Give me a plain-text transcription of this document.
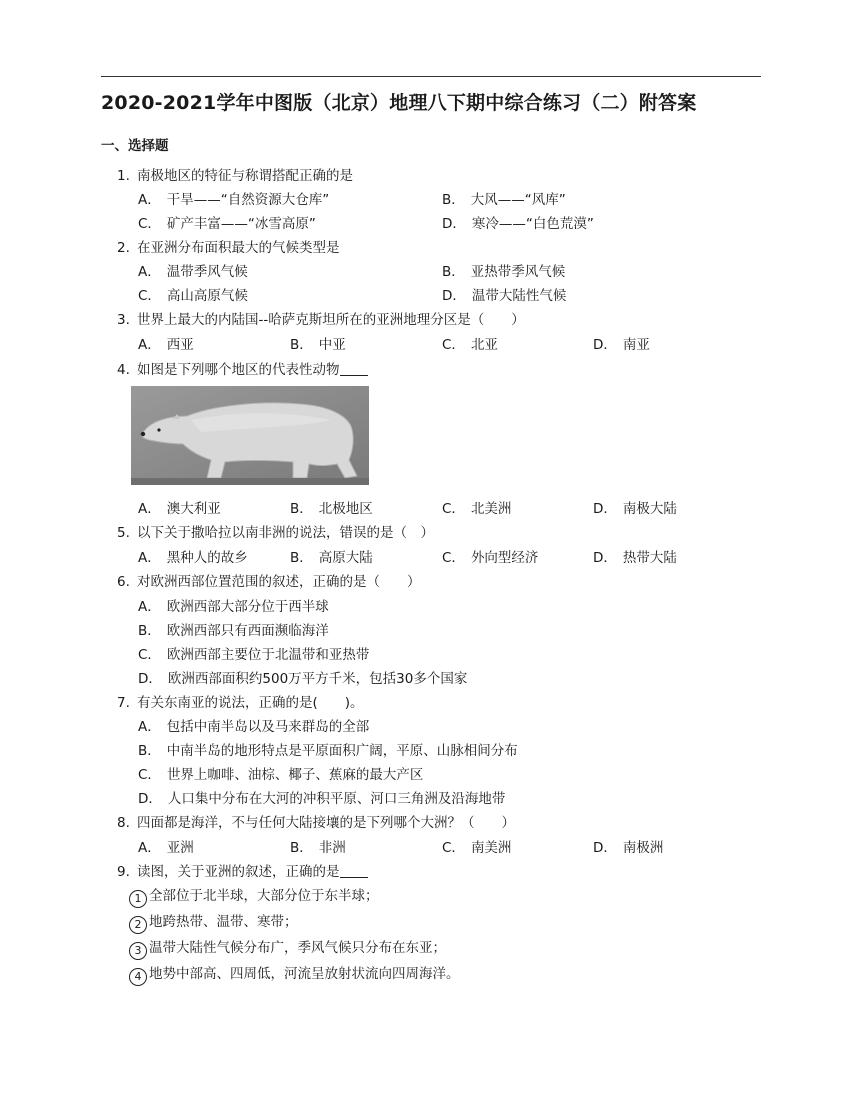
2020-2021学年中图版（北京）地理八下期中综合练习（二）附答案
一、选择题
1. 南极地区的特征与称谓搭配正确的是
A． 干旱——“自然资源大仓库”	B． 大风——“风库”
C． 矿产丰富——“冰雪高原”	D． 寒冷——“白色荒漠”
2. 在亚洲分布面积最大的气候类型是
A． 温带季风气候	B． 亚热带季风气候
C． 高山高原气候	D． 温带大陆性气候
3. 世界上最大的内陆国--哈萨克斯坦所在的亚洲地理分区是（　　）
A． 西亚	B． 中亚	C． 北亚	D． 南亚
4. 如图是下列哪个地区的代表性动物
A． 澳大利亚	B． 北极地区	C． 北美洲	D． 南极大陆
5. 以下关于撒哈拉以南非洲的说法，错误的是（　）
A． 黑种人的故乡	B． 高原大陆	C． 外向型经济	D． 热带大陆
6. 对欧洲西部位置范围的叙述，正确的是（　　）
A． 欧洲西部大部分位于西半球
B． 欧洲西部只有西面濒临海洋
C． 欧洲西部主要位于北温带和亚热带
D． 欧洲西部面积约500万平方千米，包括30多个国家
7. 有关东南亚的说法，正确的是(　　)。
A． 包括中南半岛以及马来群岛的全部
B． 中南半岛的地形特点是平原面积广阔，平原、山脉相间分布
C． 世界上咖啡、油棕、椰子、蕉麻的最大产区
D． 人口集中分布在大河的冲积平原、河口三角洲及沿海地带
8. 四面都是海洋，不与任何大陆接壤的是下列哪个大洲？（　　）
A． 亚洲	B． 非洲	C． 南美洲	D． 南极洲
9. 读图，关于亚洲的叙述，正确的是
1 全部位于北半球，大部分位于东半球；
2 地跨热带、温带、寒带；
3 温带大陆性气候分布广，季风气候只分布在东亚；
4 地势中部高、四周低，河流呈放射状流向四周海洋。
